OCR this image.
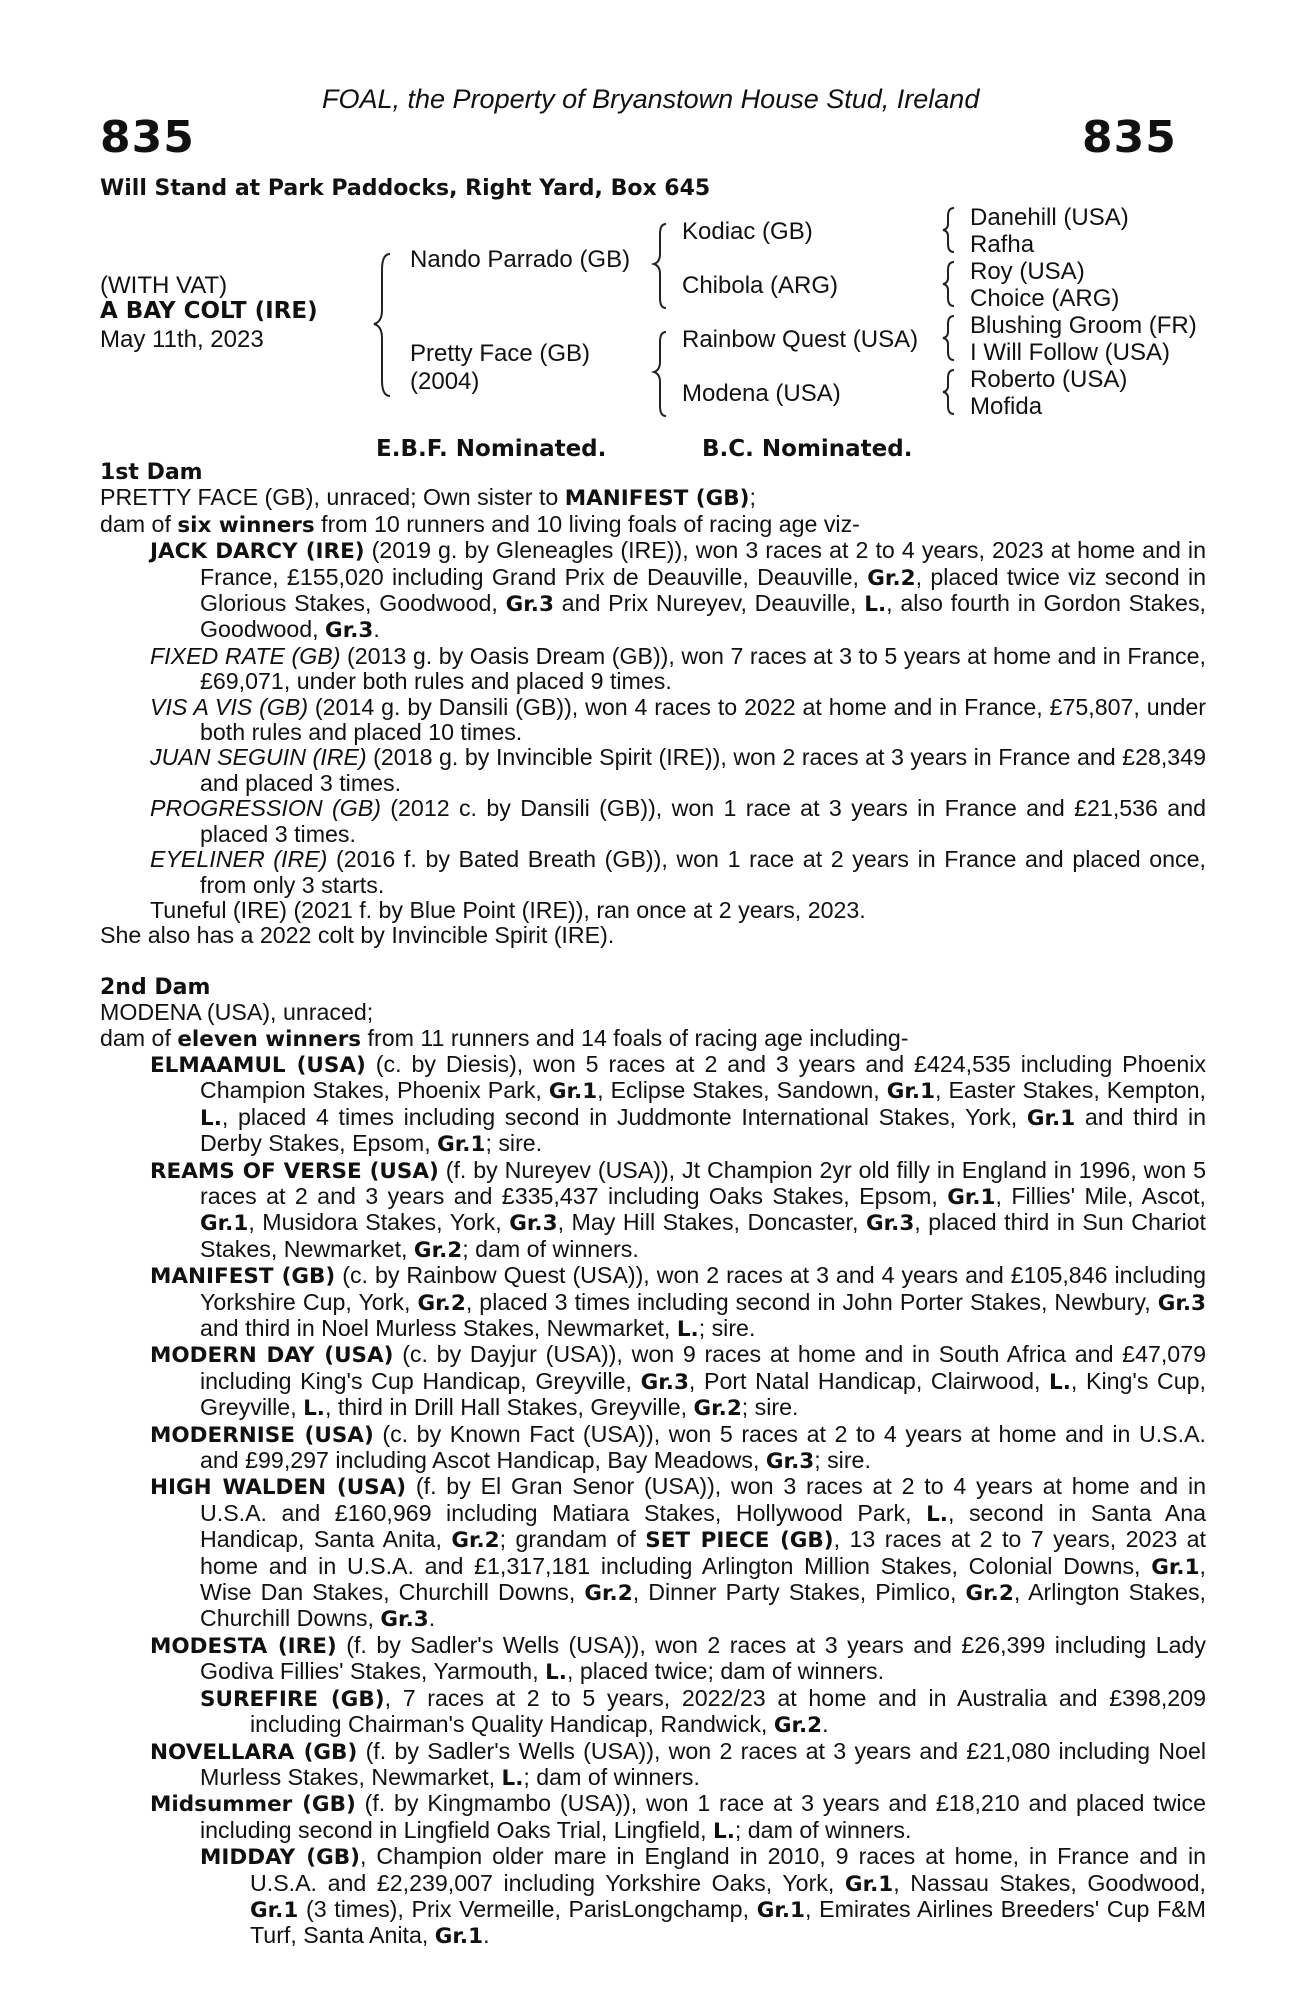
FOAL, the Property of Bryanstown House Stud, Ireland
835	835
Will Stand at Park Paddocks, Right Yard, Box 645
(WITH VAT)
A BAY COLT (IRE)
May 11th, 2023
Nando Parrado (GB)
Pretty Face (GB)
(2004)
Kodiac (GB)
Chibola (ARG)
Rainbow Quest (USA)
Modena (USA)
Danehill (USA)
Rafha
Roy (USA)
Choice (ARG)
Blushing Groom (FR)
I Will Follow (USA)
Roberto (USA)
Mofida
E.B.F. Nominated.	B.C. Nominated.
1st Dam

PRETTY FACE (GB), unraced; Own sister to MANIFEST (GB);

dam of six winners from 10 runners and 10 living foals of racing age viz-

JACK DARCY (IRE) (2019 g. by Gleneagles (IRE)), won 3 races at 2 to 4 years, 2023 at home and in France, £155,020 including Grand Prix de Deauville, Deauville, Gr.2, placed twice viz second in Glorious Stakes, Goodwood, Gr.3 and Prix Nureyev, Deauville, L., also fourth in Gordon Stakes, Goodwood, Gr.3.

FIXED RATE (GB) (2013 g. by Oasis Dream (GB)), won 7 races at 3 to 5 years at home and in France, £69,071, under both rules and placed 9 times.

VIS A VIS (GB) (2014 g. by Dansili (GB)), won 4 races to 2022 at home and in France, £75,807, under both rules and placed 10 times.

JUAN SEGUIN (IRE) (2018 g. by Invincible Spirit (IRE)), won 2 races at 3 years in France and £28,349 and placed 3 times.

PROGRESSION (GB) (2012 c. by Dansili (GB)), won 1 race at 3 years in France and £21,536 and placed 3 times.

EYELINER (IRE) (2016 f. by Bated Breath (GB)), won 1 race at 2 years in France and placed once, from only 3 starts.

Tuneful (IRE) (2021 f. by Blue Point (IRE)), ran once at 2 years, 2023.

She also has a 2022 colt by Invincible Spirit (IRE).

2nd Dam

MODENA (USA), unraced;

dam of eleven winners from 11 runners and 14 foals of racing age including-

ELMAAMUL (USA) (c. by Diesis), won 5 races at 2 and 3 years and £424,535 including Phoenix Champion Stakes, Phoenix Park, Gr.1, Eclipse Stakes, Sandown, Gr.1, Easter Stakes, Kempton, L., placed 4 times including second in Juddmonte International Stakes, York, Gr.1 and third in Derby Stakes, Epsom, Gr.1; sire.

REAMS OF VERSE (USA) (f. by Nureyev (USA)), Jt Champion 2yr old filly in England in 1996, won 5 races at 2 and 3 years and £335,437 including Oaks Stakes, Epsom, Gr.1, Fillies' Mile, Ascot, Gr.1, Musidora Stakes, York, Gr.3, May Hill Stakes, Doncaster, Gr.3, placed third in Sun Chariot Stakes, Newmarket, Gr.2; dam of winners.

MANIFEST (GB) (c. by Rainbow Quest (USA)), won 2 races at 3 and 4 years and £105,846 including Yorkshire Cup, York, Gr.2, placed 3 times including second in John Porter Stakes, Newbury, Gr.3 and third in Noel Murless Stakes, Newmarket, L.; sire.

MODERN DAY (USA) (c. by Dayjur (USA)), won 9 races at home and in South Africa and £47,079 including King's Cup Handicap, Greyville, Gr.3, Port Natal Handicap, Clairwood, L., King's Cup, Greyville, L., third in Drill Hall Stakes, Greyville, Gr.2; sire.

MODERNISE (USA) (c. by Known Fact (USA)), won 5 races at 2 to 4 years at home and in U.S.A. and £99,297 including Ascot Handicap, Bay Meadows, Gr.3; sire.

HIGH WALDEN (USA) (f. by El Gran Senor (USA)), won 3 races at 2 to 4 years at home and in U.S.A. and £160,969 including Matiara Stakes, Hollywood Park, L., second in Santa Ana Handicap, Santa Anita, Gr.2; grandam of SET PIECE (GB), 13 races at 2 to 7 years, 2023 at home and in U.S.A. and £1,317,181 including Arlington Million Stakes, Colonial Downs, Gr.1, Wise Dan Stakes, Churchill Downs, Gr.2, Dinner Party Stakes, Pimlico, Gr.2, Arlington Stakes, Churchill Downs, Gr.3.

MODESTA (IRE) (f. by Sadler's Wells (USA)), won 2 races at 3 years and £26,399 including Lady Godiva Fillies' Stakes, Yarmouth, L., placed twice; dam of winners.

SUREFIRE (GB), 7 races at 2 to 5 years, 2022/23 at home and in Australia and £398,209 including Chairman's Quality Handicap, Randwick, Gr.2.

NOVELLARA (GB) (f. by Sadler's Wells (USA)), won 2 races at 3 years and £21,080 including Noel Murless Stakes, Newmarket, L.; dam of winners.

Midsummer (GB) (f. by Kingmambo (USA)), won 1 race at 3 years and £18,210 and placed twice including second in Lingfield Oaks Trial, Lingfield, L.; dam of winners.

MIDDAY (GB), Champion older mare in England in 2010, 9 races at home, in France and in U.S.A. and £2,239,007 including Yorkshire Oaks, York, Gr.1, Nassau Stakes, Goodwood, Gr.1 (3 times), Prix Vermeille, ParisLongchamp, Gr.1, Emirates Airlines Breeders' Cup F&M Turf, Santa Anita, Gr.1.
